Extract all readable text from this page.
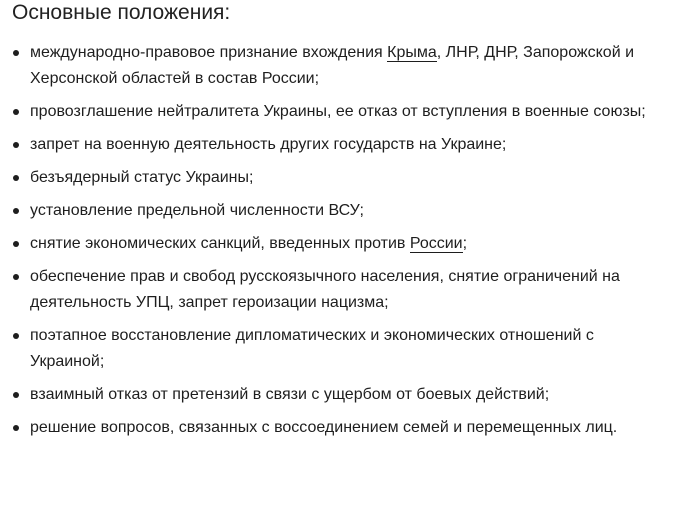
Основные положения:
международно-правовое признание вхождения Крыма, ЛНР, ДНР, Запорожской и Херсонской областей в состав России;
провозглашение нейтралитета Украины, ее отказ от вступления в военные союзы;
запрет на военную деятельность других государств на Украине;
безъядерный статус Украины;
установление предельной численности ВСУ;
снятие экономических санкций, введенных против России;
обеспечение прав и свобод русскоязычного населения, снятие ограничений на деятельность УПЦ, запрет героизации нацизма;
поэтапное восстановление дипломатических и экономических отношений с Украиной;
взаимный отказ от претензий в связи с ущербом от боевых действий;
решение вопросов, связанных с воссоединением семей и перемещенных лиц.
